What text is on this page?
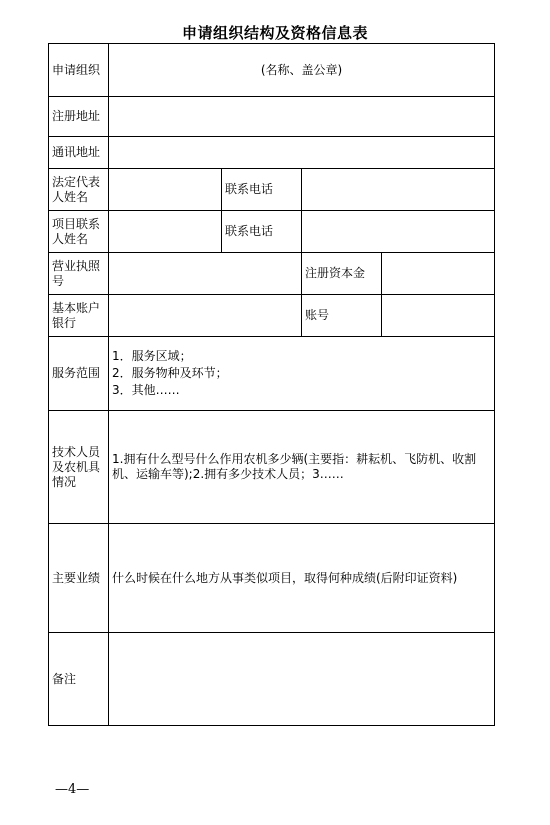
申请组织结构及资格信息表
申请组织	(名称、盖公章)			
注册地址				
通讯地址				
法定代表人姓名		联系电话		
项目联系人姓名		联系电话		
营业执照号			注册资本金	
基本账户银行			账号	
服务范围	1．服务区域；
2．服务物种及环节；
3．其他……			

技术人员及农机具情况	1.拥有什么型号什么作用农机多少辆(主要指：耕耘机、飞防机、收割机、运输车等);2.拥有多少技术人员；3……			
主要业绩	什么时候在什么地方从事类似项目，取得何种成绩(后附印证资料)			
备注				
—4—
